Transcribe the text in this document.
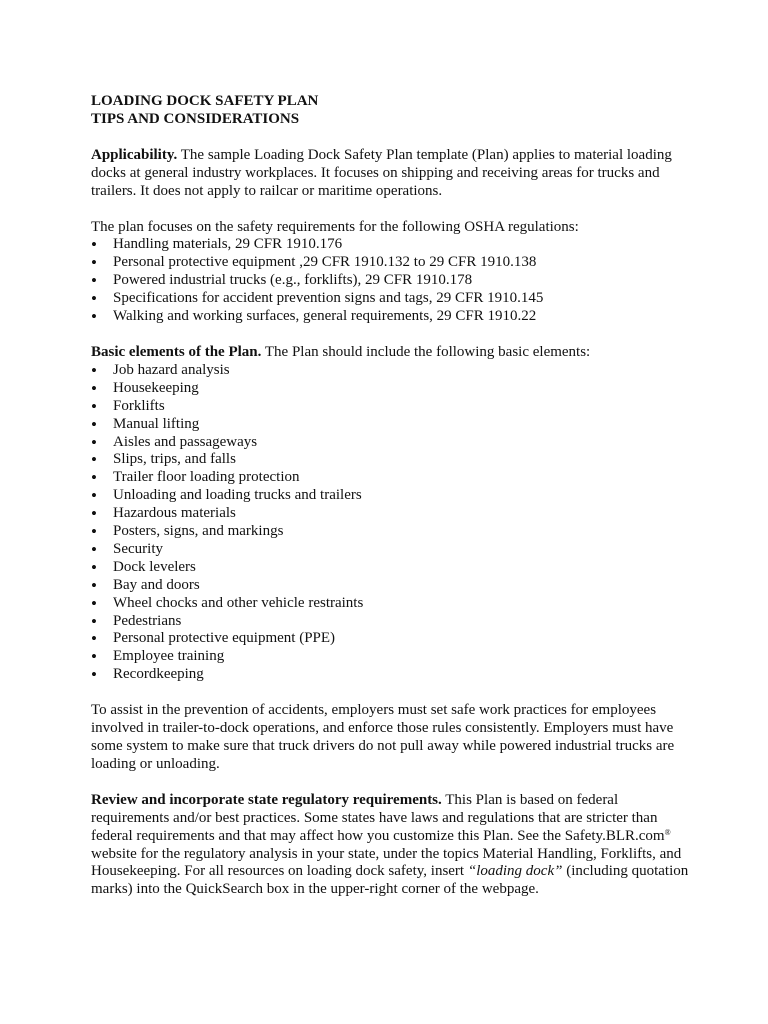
LOADING DOCK SAFETY PLAN
TIPS AND CONSIDERATIONS

Applicability. The sample Loading Dock Safety Plan template (Plan) applies to material loading docks at general industry workplaces. It focuses on shipping and receiving areas for trucks and trailers. It does not apply to railcar or maritime operations.

The plan focuses on the safety requirements for the following OSHA regulations:

• Handling materials, 29 CFR 1910.176
• Personal protective equipment ,29 CFR 1910.132 to 29 CFR 1910.138
• Powered industrial trucks (e.g., forklifts), 29 CFR 1910.178
• Specifications for accident prevention signs and tags, 29 CFR 1910.145
• Walking and working surfaces, general requirements, 29 CFR 1910.22

Basic elements of the Plan. The Plan should include the following basic elements:

• Job hazard analysis
• Housekeeping
• Forklifts
• Manual lifting
• Aisles and passageways
• Slips, trips, and falls
• Trailer floor loading protection
• Unloading and loading trucks and trailers
• Hazardous materials
• Posters, signs, and markings
• Security
• Dock levelers
• Bay and doors
• Wheel chocks and other vehicle restraints
• Pedestrians
• Personal protective equipment (PPE)
• Employee training
• Recordkeeping

To assist in the prevention of accidents, employers must set safe work practices for employees involved in trailer-to-dock operations, and enforce those rules consistently. Employers must have some system to make sure that truck drivers do not pull away while powered industrial trucks are loading or unloading.

Review and incorporate state regulatory requirements. This Plan is based on federal requirements and/or best practices. Some states have laws and regulations that are stricter than federal requirements and that may affect how you customize this Plan. See the Safety.BLR.com® website for the regulatory analysis in your state, under the topics Material Handling, Forklifts, and Housekeeping. For all resources on loading dock safety, insert “loading dock” (including quotation marks) into the QuickSearch box in the upper-right corner of the webpage.
